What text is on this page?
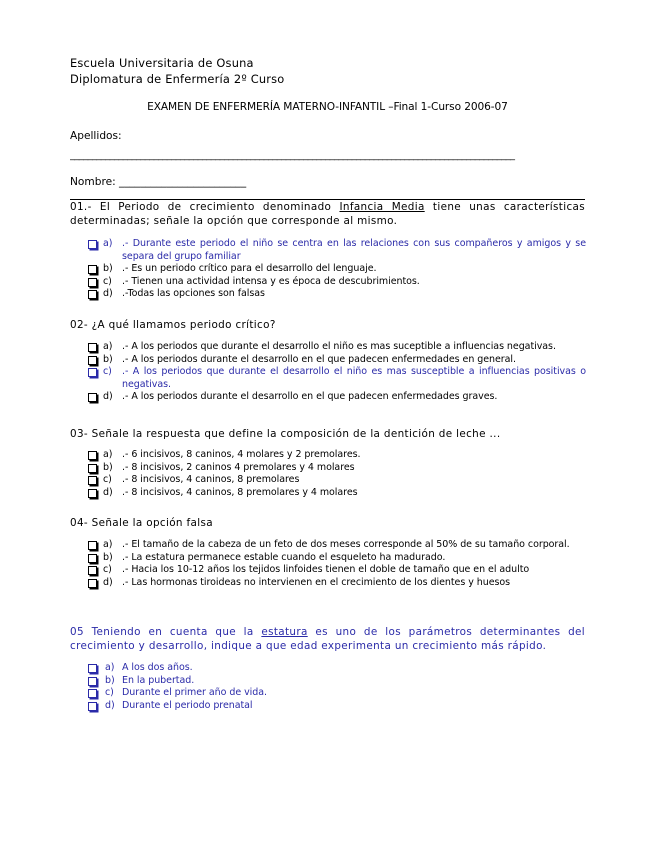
Escuela Universitaria de Osuna
Diplomatura de Enfermería 2º Curso
EXAMEN DE ENFERMERÍA MATERNO-INFANTIL –Final 1-Curso 2006-07
Apellidos:
_____________________________________________________________________________________________________
Nombre: ________________________
01.- El Periodo de crecimiento denominado Infancia Media tiene unas características determinadas; señale la opción que corresponde al mismo.
a) .- Durante este periodo el niño se centra en las relaciones con sus compañeros y amigos y se separa del grupo familiar
b) .- Es un periodo crítico para el desarrollo del lenguaje.
c) .- Tienen una actividad intensa y es época de descubrimientos.
d) .-Todas las opciones son falsas
02- ¿A qué llamamos periodo crítico?
a) .- A los periodos que durante el desarrollo el niño es mas suceptible a influencias negativas.
b) .- A los periodos durante el desarrollo en el que padecen enfermedades en general.
c) .- A los periodos que durante el desarrollo el niño es mas susceptible a influencias positivas o negativas.
d) .- A los periodos durante el desarrollo en el que padecen enfermedades graves.
03- Señale la respuesta que define la composición de la dentición de leche ...
a) .- 6 incisivos, 8 caninos, 4 molares y 2 premolares.
b) .- 8 incisivos, 2 caninos 4 premolares y 4 molares
c) .- 8 incisivos, 4 caninos, 8 premolares
d) .- 8 incisivos, 4 caninos, 8 premolares y 4 molares
04- Señale la opción falsa
a) .- El tamaño de la cabeza de un feto de dos meses corresponde al 50% de su tamaño corporal.
b) .- La estatura permanece estable cuando el esqueleto ha madurado.
c) .- Hacia los 10-12 años los tejidos linfoides tienen el doble de tamaño que en el adulto
d) .- Las hormonas tiroideas no intervienen en el crecimiento de los dientes y huesos
05 Teniendo en cuenta que la estatura es uno de los parámetros determinantes del crecimiento y desarrollo, indique a que edad experimenta un crecimiento más rápido.
a) A los dos años.
b) En la pubertad.
c) Durante el primer año de vida.
d) Durante el periodo prenatal
